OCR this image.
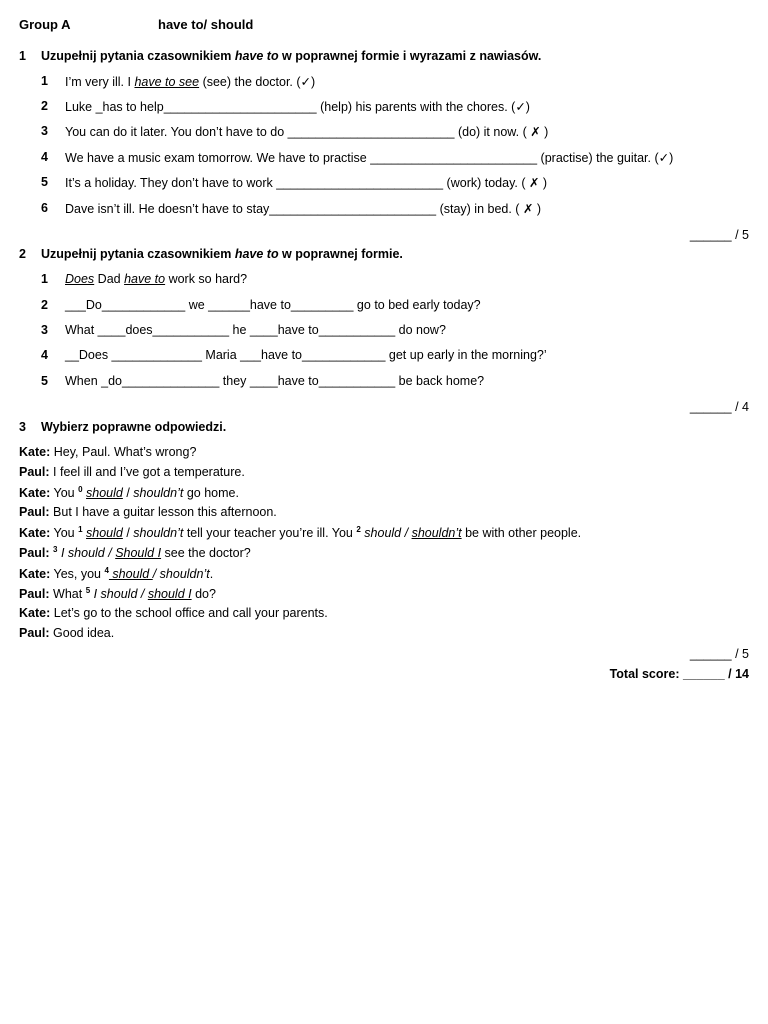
Group A	have to/ should
1 Uzupełnij pytania czasownikiem have to w poprawnej formie i wyrazami z nawiasów.
1 I’m very ill. I have to see (see) the doctor. (✓)
2 Luke _has to help______________________ (help) his parents with the chores. (✓)
3 You can do it later. You don’t have to do ________________________ (do) it now. ( ✗ )
4 We have a music exam tomorrow. We have to practise ________________________ (practise) the guitar. (✓)
5 It’s a holiday. They don’t have to work ________________________ (work) today. ( ✗ )
6 Dave isn’t ill. He doesn’t have to stay________________________ (stay) in bed. ( ✗ )
______ / 5
2 Uzupełnij pytania czasownikiem have to w poprawnej formie.
1 Does Dad have to work so hard?
2 ___Do____________ we ______have to_________ go to bed early today?
3 What ____does___________ he ____have to___________ do now?
4 __Does _____________ Maria ___have to____________ get up early in the morning?’
5 When _do______________ they ____have to___________ be back home?
______ / 4
3 Wybierz poprawne odpowiedzi.
Kate: Hey, Paul. What’s wrong?
Paul: I feel ill and I’ve got a temperature.
Kate: You $^0$ should / shouldn’t go home.
Paul: But I have a guitar lesson this afternoon.
Kate: You $^1$ should / shouldn’t tell your teacher you’re ill. You $^2$ should / shouldn’t be with other people.
Paul: $^3$ I should / Should I see the doctor?
Kate: Yes, you $^4$ should / shouldn’t.
Paul: What $^5$ I should / should I do?
Kate: Let’s go to the school office and call your parents.
Paul: Good idea.
______ / 5
Total score: ______ / 14
